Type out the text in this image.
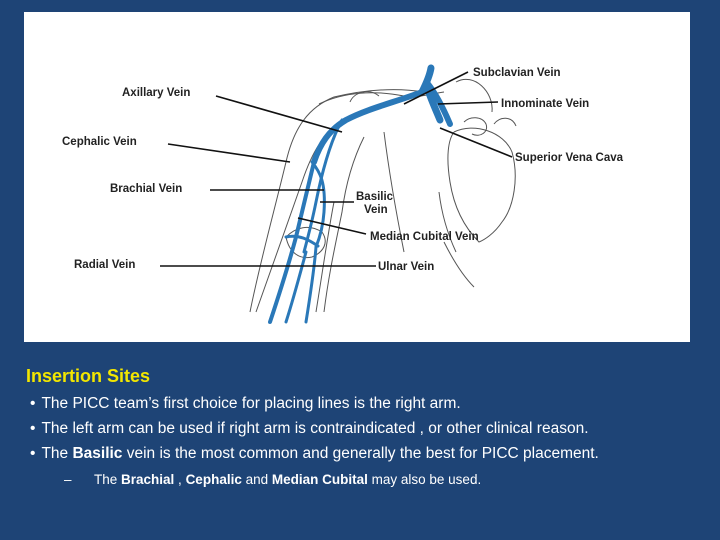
Axillary Vein
Cephalic Vein
Brachial Vein
Radial Vein
Subclavian Vein
Innominate Vein
Superior Vena Cava
Basilic
Vein
Median Cubital Vein
Ulnar Vein
Insertion Sites
• The PICC team’s first choice for placing lines is the right arm.
• The left arm can be used if right arm is contraindicated , or other clinical reason.
• The Basilic vein is the most common and generally the best for PICC placement.
– The Brachial , Cephalic and Median Cubital may also be used.
